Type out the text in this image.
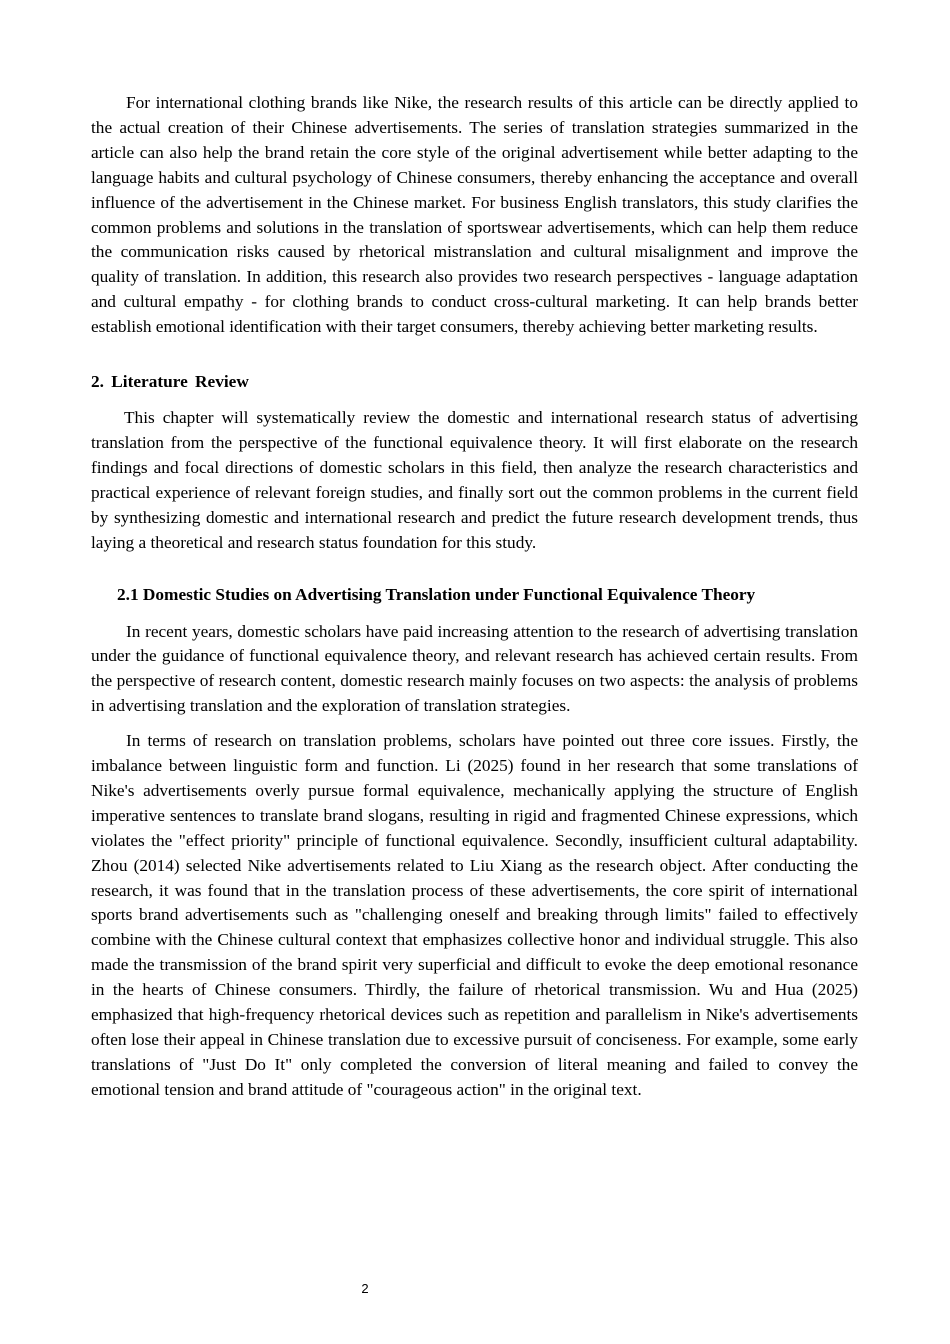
For international clothing brands like Nike, the research results of this article can be directly applied to the actual creation of their Chinese advertisements. The series of translation strategies summarized in the article can also help the brand retain the core style of the original advertisement while better adapting to the language habits and cultural psychology of Chinese consumers, thereby enhancing the acceptance and overall influence of the advertisement in the Chinese market. For business English translators, this study clarifies the common problems and solutions in the translation of sportswear advertisements, which can help them reduce the communication risks caused by rhetorical mistranslation and cultural misalignment and improve the quality of translation. In addition, this research also provides two research perspectives - language adaptation and cultural empathy - for clothing brands to conduct cross-cultural marketing. It can help brands better establish emotional identification with their target consumers, thereby achieving better marketing results.

2. Literature Review

This chapter will systematically review the domestic and international research status of advertising translation from the perspective of the functional equivalence theory. It will first elaborate on the research findings and focal directions of domestic scholars in this field, then analyze the research characteristics and practical experience of relevant foreign studies, and finally sort out the common problems in the current field by synthesizing domestic and international research and predict the future research development trends, thus laying a theoretical and research status foundation for this study.

2.1 Domestic Studies on Advertising Translation under Functional Equivalence Theory

In recent years, domestic scholars have paid increasing attention to the research of advertising translation under the guidance of functional equivalence theory, and relevant research has achieved certain results. From the perspective of research content, domestic research mainly focuses on two aspects: the analysis of problems in advertising translation and the exploration of translation strategies.

In terms of research on translation problems, scholars have pointed out three core issues. Firstly, the imbalance between linguistic form and function. Li (2025) found in her research that some translations of Nike's advertisements overly pursue formal equivalence, mechanically applying the structure of English imperative sentences to translate brand slogans, resulting in rigid and fragmented Chinese expressions, which violates the "effect priority" principle of functional equivalence. Secondly, insufficient cultural adaptability. Zhou (2014) selected Nike advertisements related to Liu Xiang as the research object. After conducting the research, it was found that in the translation process of these advertisements, the core spirit of international sports brand advertisements such as "challenging oneself and breaking through limits" failed to effectively combine with the Chinese cultural context that emphasizes collective honor and individual struggle. This also made the transmission of the brand spirit very superficial and difficult to evoke the deep emotional resonance in the hearts of Chinese consumers. Thirdly, the failure of rhetorical transmission. Wu and Hua (2025) emphasized that high-frequency rhetorical devices such as repetition and parallelism in Nike's advertisements often lose their appeal in Chinese translation due to excessive pursuit of conciseness. For example, some early translations of "Just Do It" only completed the conversion of literal meaning and failed to convey the emotional tension and brand attitude of "courageous action" in the original text.

2
